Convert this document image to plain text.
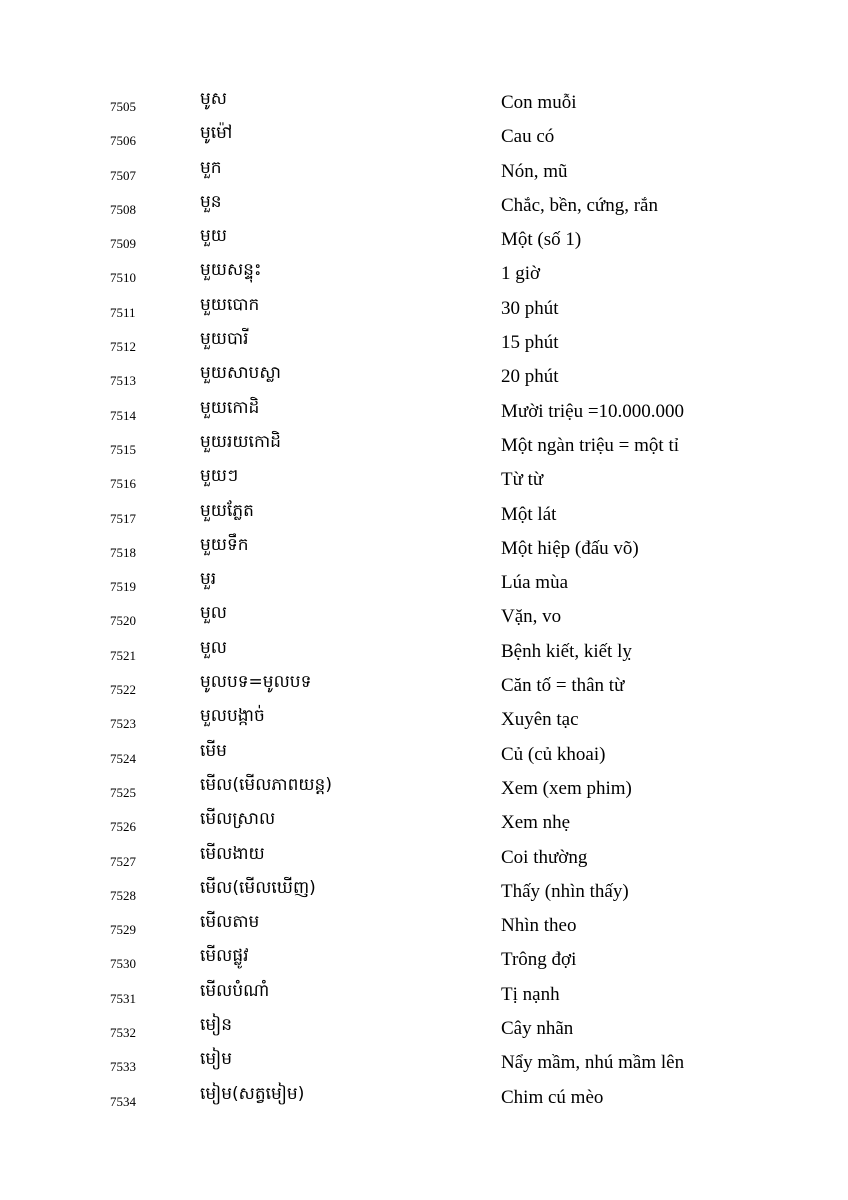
7505	មូស	Con muỗi
7506	មូម៉ៅ	Cau có
7507	មួក	Nón, mũ
7508	មួន	Chắc, bền, cứng, rắn
7509	មួយ	Một (số 1)
7510	មួយសន្ទុះ	1 giờ
7511	មួយបោក	30 phút
7512	មួយបារី	15 phút
7513	មួយសាបស្លា	20 phút
7514	មួយកោដិ	Mười triệu =10.000.000
7515	មួយរយកោដិ	Một ngàn triệu = một tỉ
7516	មួយៗ	Từ từ
7517	មួយភ្លែត	Một lát
7518	មួយទឹក	Một hiệp (đấu võ)
7519	មួរ	Lúa mùa
7520	មួល	Vặn, vo
7521	មួល	Bệnh kiết, kiết lỵ
7522	មូលបទ=មូលបទ	Căn tố = thân từ
7523	មួលបង្កាច់	Xuyên tạc
7524	មើម	Củ (củ khoai)
7525	មើល(មើលភាពយន្ត)	Xem (xem phim)
7526	មើលស្រាល	Xem nhẹ
7527	មើលងាយ	Coi thường
7528	មើល(មើលឃើញ)	Thấy (nhìn thấy)
7529	មើលតាម	Nhìn theo
7530	មើលផ្លូវ	Trông đợi
7531	មើលបំណាំ	Tị nạnh
7532	មៀន	Cây nhãn
7533	មៀម	Nẩy mầm, nhú mầm lên
7534	មៀម(សត្វមៀម)	Chim cú mèo
